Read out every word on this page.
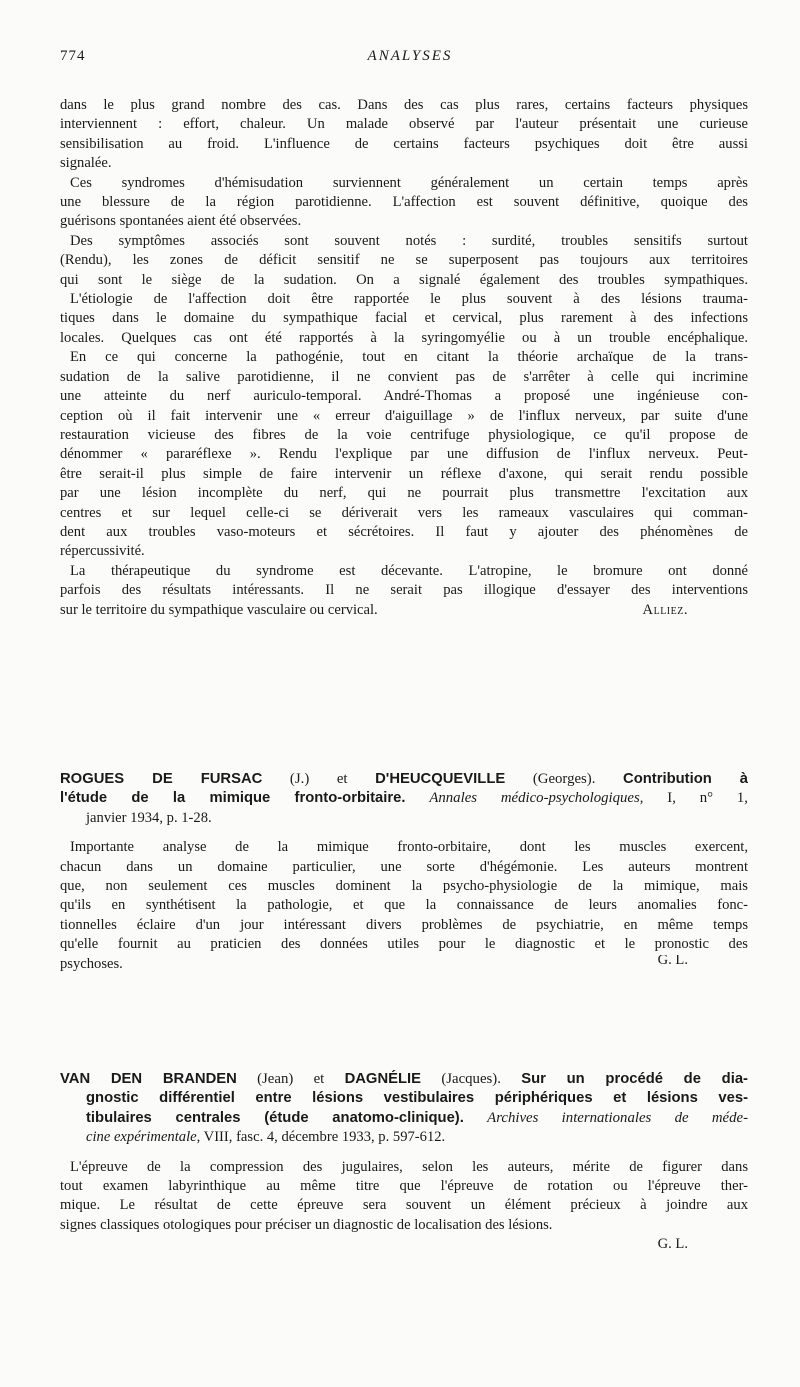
774	ANALYSES
dans le plus grand nombre des cas. Dans des cas plus rares, certains facteurs physiques
interviennent : effort, chaleur. Un malade observé par l'auteur présentait une curieuse
sensibilisation au froid. L'influence de certains facteurs psychiques doit être aussi
signalée.
Ces syndromes d'hémisudation surviennent généralement un certain temps après
une blessure de la région parotidienne. L'affection est souvent définitive, quoique des
guérisons spontanées aient été observées.
Des symptômes associés sont souvent notés : surdité, troubles sensitifs surtout
(Rendu), les zones de déficit sensitif ne se superposent pas toujours aux territoires
qui sont le siège de la sudation. On a signalé également des troubles sympathiques.
L'étiologie de l'affection doit être rapportée le plus souvent à des lésions trauma-
tiques dans le domaine du sympathique facial et cervical, plus rarement à des infections
locales. Quelques cas ont été rapportés à la syringomyélie ou à un trouble encéphalique.
En ce qui concerne la pathogénie, tout en citant la théorie archaïque de la trans-
sudation de la salive parotidienne, il ne convient pas de s'arrêter à celle qui incrimine
une atteinte du nerf auriculo-temporal. André-Thomas a proposé une ingénieuse con-
ception où il fait intervenir une « erreur d'aiguillage » de l'influx nerveux, par suite d'une
restauration vicieuse des fibres de la voie centrifuge physiologique, ce qu'il propose de
dénommer « pararéflexe ». Rendu l'explique par une diffusion de l'influx nerveux. Peut-
être serait-il plus simple de faire intervenir un réflexe d'axone, qui serait rendu possible
par une lésion incomplète du nerf, qui ne pourrait plus transmettre l'excitation aux
centres et sur lequel celle-ci se dériverait vers les rameaux vasculaires qui comman-
dent aux troubles vaso-moteurs et sécrétoires. Il faut y ajouter des phénomènes de
répercussivité.
La thérapeutique du syndrome est décevante. L'atropine, le bromure ont donné
parfois des résultats intéressants. Il ne serait pas illogique d'essayer des interventions
sur le territoire du sympathique vasculaire ou cervical.	Alliez.
ROGUES DE FURSAC (J.) et D'HEUCQUEVILLE (Georges). Contribution à
l'étude de la mimique fronto-orbitaire. Annales médico-psychologiques, I, n° 1,
janvier 1934, p. 1-28.
Importante analyse de la mimique fronto-orbitaire, dont les muscles exercent,
chacun dans un domaine particulier, une sorte d'hégémonie. Les auteurs montrent
que, non seulement ces muscles dominent la psycho-physiologie de la mimique, mais
qu'ils en synthétisent la pathologie, et que la connaissance de leurs anomalies fonc-
tionnelles éclaire d'un jour intéressant divers problèmes de psychiatrie, en même temps
qu'elle fournit au praticien des données utiles pour le diagnostic et le pronostic des
psychoses.	G. L.
VAN DEN BRANDEN (Jean) et DAGNÉLIE (Jacques). Sur un procédé de dia-
gnostic différentiel entre lésions vestibulaires périphériques et lésions ves-
tibulaires centrales (étude anatomo-clinique). Archives internationales de méde-
cine expérimentale, VIII, fasc. 4, décembre 1933, p. 597-612.
L'épreuve de la compression des jugulaires, selon les auteurs, mérite de figurer dans
tout examen labyrinthique au même titre que l'épreuve de rotation ou l'épreuve ther-
mique. Le résultat de cette épreuve sera souvent un élément précieux à joindre aux
signes classiques otologiques pour préciser un diagnostic de localisation des lésions.
G. L.
